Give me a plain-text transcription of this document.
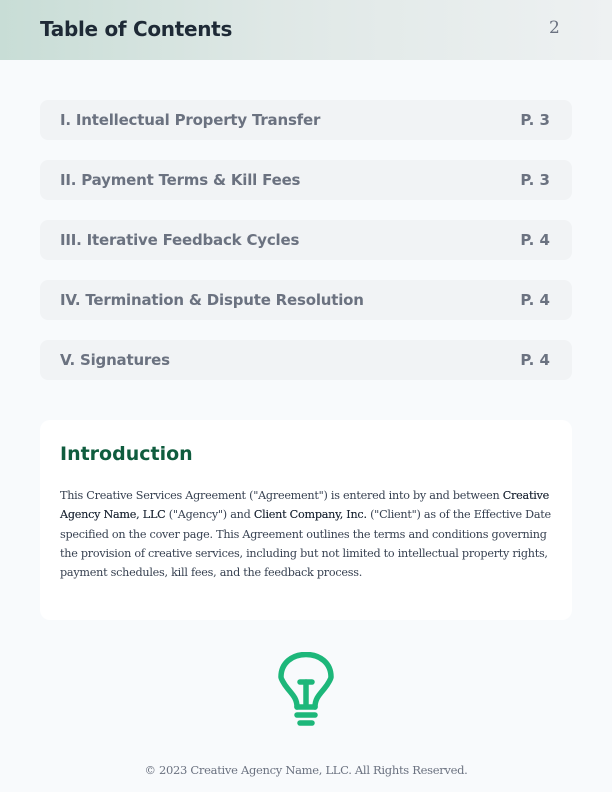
Table of Contents	2
I. Intellectual Property Transfer	P. 3
II. Payment Terms & Kill Fees	P. 3
III. Iterative Feedback Cycles	P. 4
IV. Termination & Dispute Resolution	P. 4
V. Signatures	P. 4
Introduction

This Creative Services Agreement ("Agreement") is entered into by and between Creative Agency Name, LLC ("Agency") and Client Company, Inc. ("Client") as of the Effective Date specified on the cover page. This Agreement outlines the terms and conditions governing the provision of creative services, including but not limited to intellectual property rights, payment schedules, kill fees, and the feedback process.

© 2023 Creative Agency Name, LLC. All Rights Reserved.
